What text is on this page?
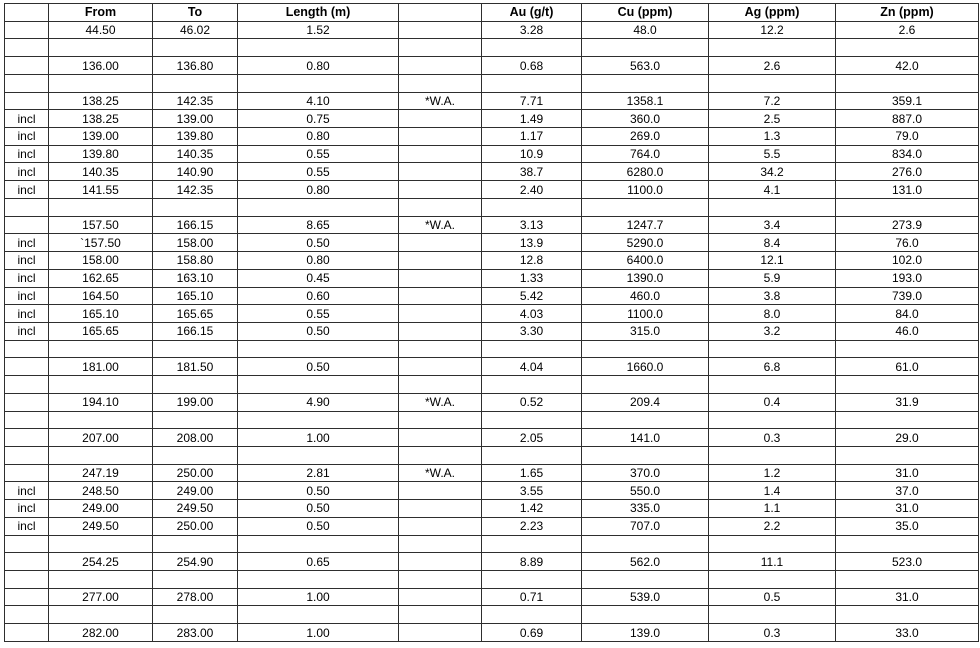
	From	To	Length (m)		Au (g/t)	Cu (ppm)	Ag (ppm)	Zn (ppm)
	44.50	46.02	1.52		3.28	48.0	12.2	2.6

	136.00	136.80	0.80		0.68	563.0	2.6	42.0

	138.25	142.35	4.10	*W.A.	7.71	1358.1	7.2	359.1
incl	138.25	139.00	0.75		1.49	360.0	2.5	887.0
incl	139.00	139.80	0.80		1.17	269.0	1.3	79.0
incl	139.80	140.35	0.55		10.9	764.0	5.5	834.0
incl	140.35	140.90	0.55		38.7	6280.0	34.2	276.0
incl	141.55	142.35	0.80		2.40	1100.0	4.1	131.0

	157.50	166.15	8.65	*W.A.	3.13	1247.7	3.4	273.9
incl	`157.50	158.00	0.50		13.9	5290.0	8.4	76.0
incl	158.00	158.80	0.80		12.8	6400.0	12.1	102.0
incl	162.65	163.10	0.45		1.33	1390.0	5.9	193.0
incl	164.50	165.10	0.60		5.42	460.0	3.8	739.0
incl	165.10	165.65	0.55		4.03	1100.0	8.0	84.0
incl	165.65	166.15	0.50		3.30	315.0	3.2	46.0

	181.00	181.50	0.50		4.04	1660.0	6.8	61.0

	194.10	199.00	4.90	*W.A.	0.52	209.4	0.4	31.9

	207.00	208.00	1.00		2.05	141.0	0.3	29.0

	247.19	250.00	2.81	*W.A.	1.65	370.0	1.2	31.0
incl	248.50	249.00	0.50		3.55	550.0	1.4	37.0
incl	249.00	249.50	0.50		1.42	335.0	1.1	31.0
incl	249.50	250.00	0.50		2.23	707.0	2.2	35.0

	254.25	254.90	0.65		8.89	562.0	11.1	523.0

	277.00	278.00	1.00		0.71	539.0	0.5	31.0

	282.00	283.00	1.00		0.69	139.0	0.3	33.0
